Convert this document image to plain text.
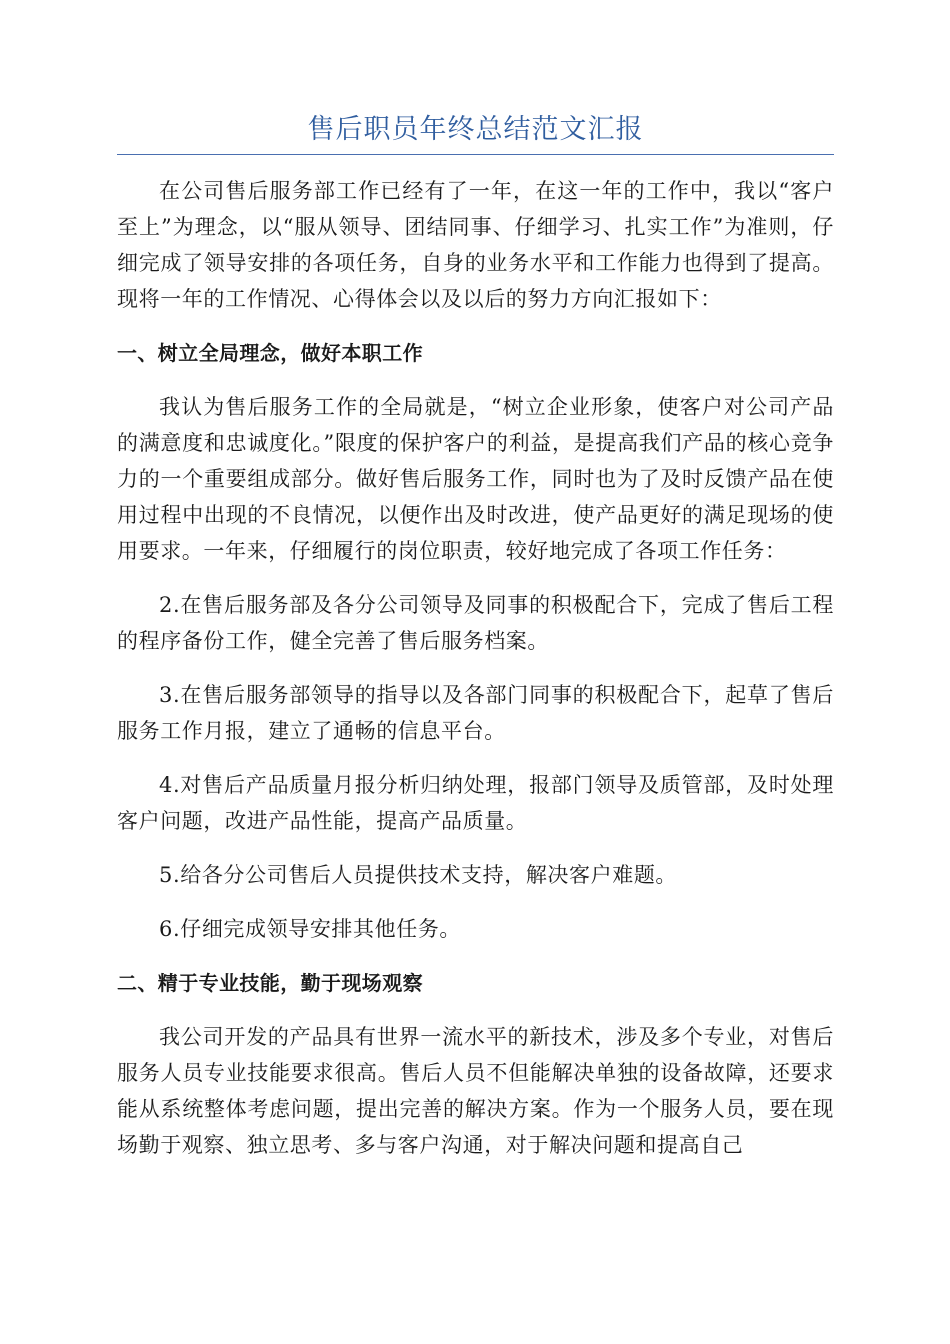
售后职员年终总结范文汇报

在公司售后服务部工作已经有了一年，在这一年的工作中，我以“客户至上”为理念，以“服从领导、团结同事、仔细学习、扎实工作”为准则，仔细完成了领导安排的各项任务，自身的业务水平和工作能力也得到了提高。现将一年的工作情况、心得体会以及以后的努力方向汇报如下：

一、树立全局理念，做好本职工作

我认为售后服务工作的全局就是，“树立企业形象，使客户对公司产品的满意度和忠诚度化。”限度的保护客户的利益，是提高我们产品的核心竞争力的一个重要组成部分。做好售后服务工作，同时也为了及时反馈产品在使用过程中出现的不良情况，以便作出及时改进，使产品更好的满足现场的使用要求。一年来，仔细履行的岗位职责，较好地完成了各项工作任务：

2.在售后服务部及各分公司领导及同事的积极配合下，完成了售后工程的程序备份工作，健全完善了售后服务档案。

3.在售后服务部领导的指导以及各部门同事的积极配合下，起草了售后服务工作月报，建立了通畅的信息平台。

4.对售后产品质量月报分析归纳处理，报部门领导及质管部，及时处理客户问题，改进产品性能，提高产品质量。

5.给各分公司售后人员提供技术支持，解决客户难题。

6.仔细完成领导安排其他任务。

二、精于专业技能，勤于现场观察

我公司开发的产品具有世界一流水平的新技术，涉及多个专业，对售后服务人员专业技能要求很高。售后人员不但能解决单独的设备故障，还要求能从系统整体考虑问题，提出完善的解决方案。作为一个服务人员，要在现场勤于观察、独立思考、多与客户沟通，对于解决问题和提高自己
